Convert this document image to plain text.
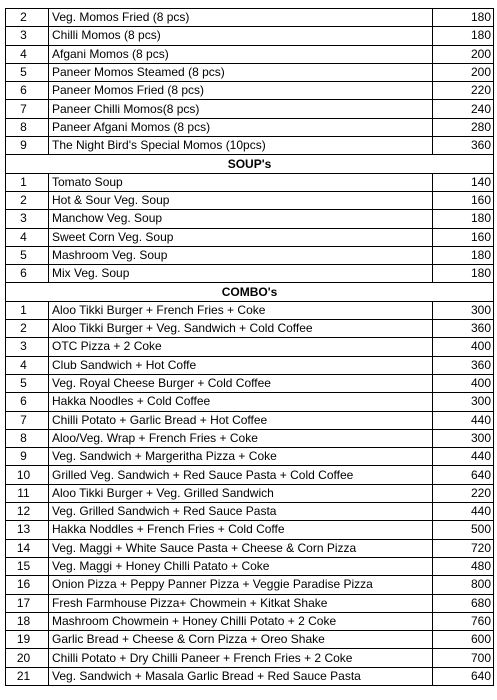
2	Veg. Momos Fried (8 pcs)	180
3	Chilli Momos (8 pcs)	180
4	Afgani Momos (8 pcs)	200
5	Paneer Momos Steamed (8 pcs)	200
6	Paneer Momos Fried (8 pcs)	220
7	Paneer Chilli Momos(8 pcs)	240
8	Paneer Afgani Momos (8 pcs)	280
9	The Night Bird's Special Momos (10pcs)	360
SOUP's		
1	Tomato Soup	140
2	Hot & Sour Veg. Soup	160
3	Manchow Veg. Soup	180
4	Sweet Corn Veg. Soup	160
5	Mashroom Veg. Soup	180
6	Mix Veg. Soup	180
COMBO's		
1	Aloo Tikki Burger + French Fries + Coke	300
2	Aloo Tikki Burger + Veg. Sandwich + Cold Coffee	360
3	OTC Pizza + 2 Coke	400
4	Club Sandwich + Hot Coffe	360
5	Veg. Royal Cheese Burger + Cold Coffee	400
6	Hakka Noodles + Cold Coffee	300
7	Chilli Potato + Garlic Bread + Hot Coffee	440
8	Aloo/Veg. Wrap + French Fries + Coke	300
9	Veg. Sandwich + Margeritha Pizza + Coke	440
10	Grilled Veg. Sandwich + Red Sauce Pasta + Cold Coffee	640
11	Aloo Tikki Burger + Veg. Grilled Sandwich	220
12	Veg. Grilled Sandwich + Red Sauce Pasta	440
13	Hakka Noddles + French Fries + Cold Coffe	500
14	Veg. Maggi + White Sauce Pasta + Cheese & Corn Pizza	720
15	Veg. Maggi + Honey Chilli Patato + Coke	480
16	Onion Pizza + Peppy Panner Pizza + Veggie Paradise Pizza	800
17	Fresh Farmhouse Pizza+ Chowmein + Kitkat Shake	680
18	Mashroom Chowmein + Honey Chilli Potato + 2 Coke	760
19	Garlic Bread + Cheese & Corn Pizza + Oreo Shake	600
20	Chilli Potato + Dry Chilli Paneer + French Fries + 2 Coke	700
21	Veg. Sandwich + Masala Garlic Bread + Red Sauce Pasta	640
